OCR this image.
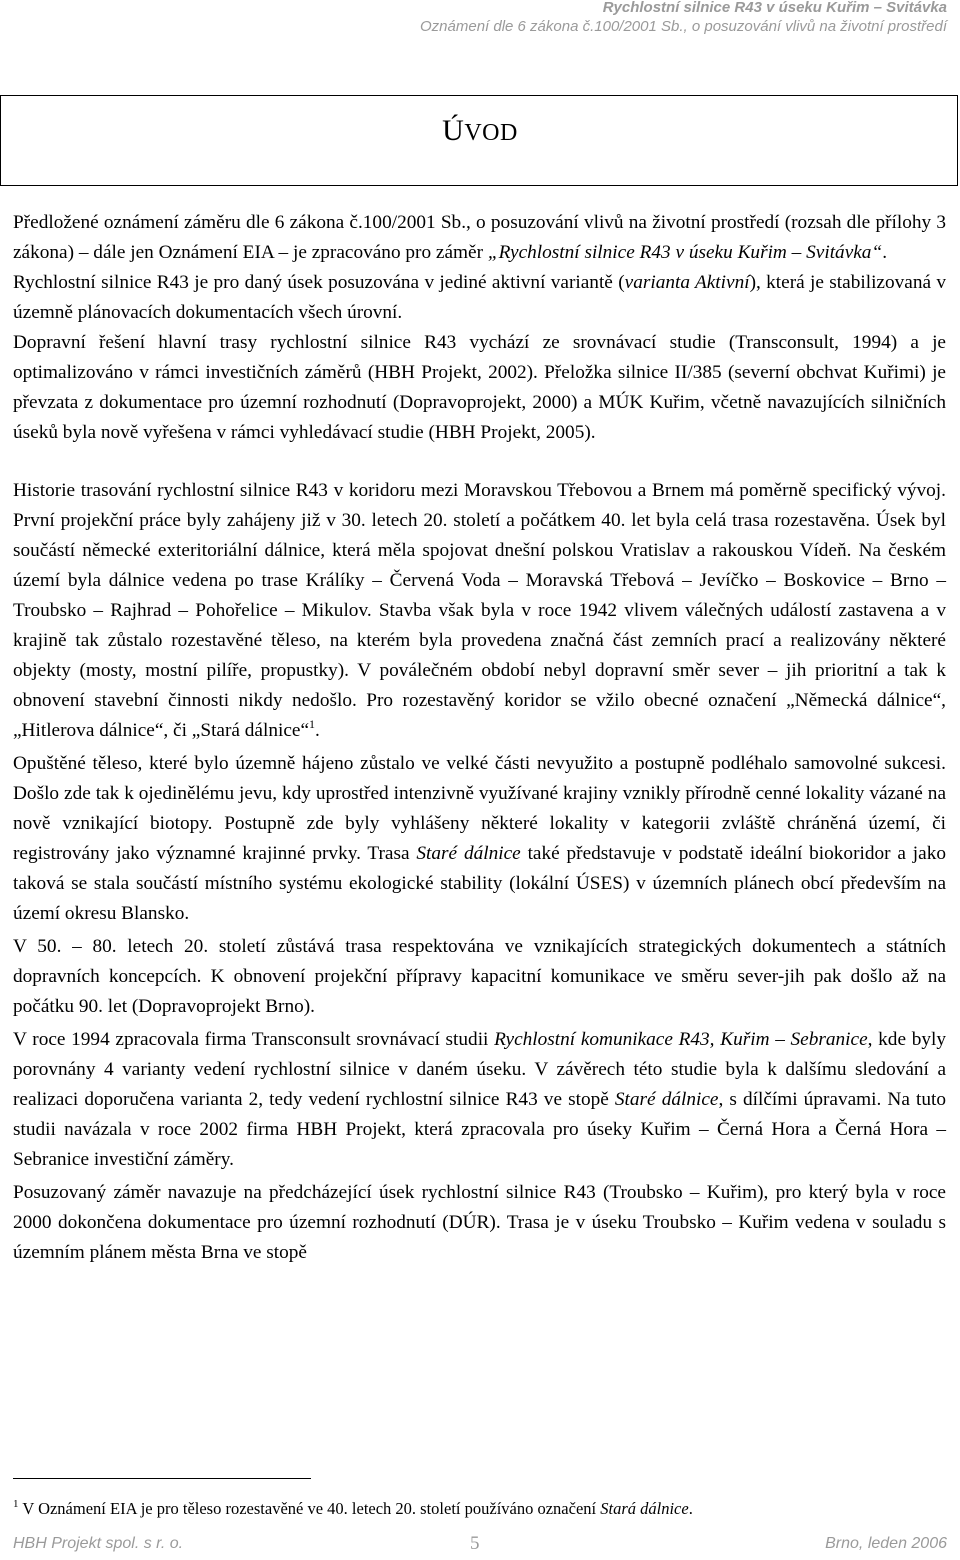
Rychlostní silnice R43 v úseku Kuřim – Svitávka
Oznámení dle 6 zákona č.100/2001 Sb., o posuzování vlivů na životní prostředí
ÚVOD

Předložené oznámení záměru dle 6 zákona č.100/2001 Sb., o posuzování vlivů na životní prostředí (rozsah dle přílohy 3 zákona) – dále jen Oznámení EIA – je zpracováno pro záměr „Rychlostní silnice R43 v úseku Kuřim – Svitávka“.

Rychlostní silnice R43 je pro daný úsek posuzována v jediné aktivní variantě (varianta Aktivní), která je stabilizovaná v územně plánovacích dokumentacích všech úrovní.

Dopravní řešení hlavní trasy rychlostní silnice R43 vychází ze srovnávací studie (Transconsult, 1994) a je optimalizováno v rámci investičních záměrů (HBH Projekt, 2002). Přeložka silnice II/385 (severní obchvat Kuřimi) je převzata z dokumentace pro územní rozhodnutí (Dopravoprojekt, 2000) a MÚK Kuřim, včetně navazujících silničních úseků byla nově vyřešena v rámci vyhledávací studie (HBH Projekt, 2005).

Historie trasování rychlostní silnice R43 v koridoru mezi Moravskou Třebovou a Brnem má poměrně specifický vývoj. První projekční práce byly zahájeny již v 30. letech 20. století a počátkem 40. let byla celá trasa rozestavěna. Úsek byl součástí německé exteritoriální dálnice, která měla spojovat dnešní polskou Vratislav a rakouskou Vídeň. Na českém území byla dálnice vedena po trase Králíky – Červená Voda – Moravská Třebová – Jevíčko – Boskovice – Brno – Troubsko – Rajhrad – Pohořelice – Mikulov. Stavba však byla v roce 1942 vlivem válečných událostí zastavena a v krajině tak zůstalo rozestavěné těleso, na kterém byla provedena značná část zemních prací a realizovány některé objekty (mosty, mostní pilíře, propustky). V poválečném období nebyl dopravní směr sever – jih prioritní a tak k obnovení stavební činnosti nikdy nedošlo. Pro rozestavěný koridor se vžilo obecné označení „Německá dálnice“, „Hitlerova dálnice“, či „Stará dálnice“$^1$.

Opuštěné těleso, které bylo územně hájeno zůstalo ve velké části nevyužito a postupně podléhalo samovolné sukcesi. Došlo zde tak k ojedinělému jevu, kdy uprostřed intenzivně využívané krajiny vznikly přírodně cenné lokality vázané na nově vznikající biotopy. Postupně zde byly vyhlášeny některé lokality v kategorii zvláště chráněná území, či registrovány jako významné krajinné prvky. Trasa Staré dálnice také představuje v podstatě ideální biokoridor a jako taková se stala součástí místního systému ekologické stability (lokální ÚSES) v územních plánech obcí především na území okresu Blansko.

V 50. – 80. letech 20. století zůstává trasa respektována ve vznikajících strategických dokumentech a státních dopravních koncepcích. K obnovení projekční přípravy kapacitní komunikace ve směru sever-jih pak došlo až na počátku 90. let (Dopravoprojekt Brno).

V roce 1994 zpracovala firma Transconsult srovnávací studii Rychlostní komunikace R43, Kuřim – Sebranice, kde byly porovnány 4 varianty vedení rychlostní silnice v daném úseku. V závěrech této studie byla k dalšímu sledování a realizaci doporučena varianta 2, tedy vedení rychlostní silnice R43 ve stopě Staré dálnice, s dílčími úpravami. Na tuto studii navázala v roce 2002 firma HBH Projekt, která zpracovala pro úseky Kuřim – Černá Hora a Černá Hora – Sebranice investiční záměry.

Posuzovaný záměr navazuje na předcházející úsek rychlostní silnice R43 (Troubsko – Kuřim), pro který byla v roce 2000 dokončena dokumentace pro územní rozhodnutí (DÚR). Trasa je v úseku Troubsko – Kuřim vedena v souladu s územním plánem města Brna ve stopě

$^1$ V Oznámení EIA je pro těleso rozestavěné ve 40. letech 20. století používáno označení Stará dálnice.
HBH Projekt spol. s r. o.	5	Brno, leden 2006
